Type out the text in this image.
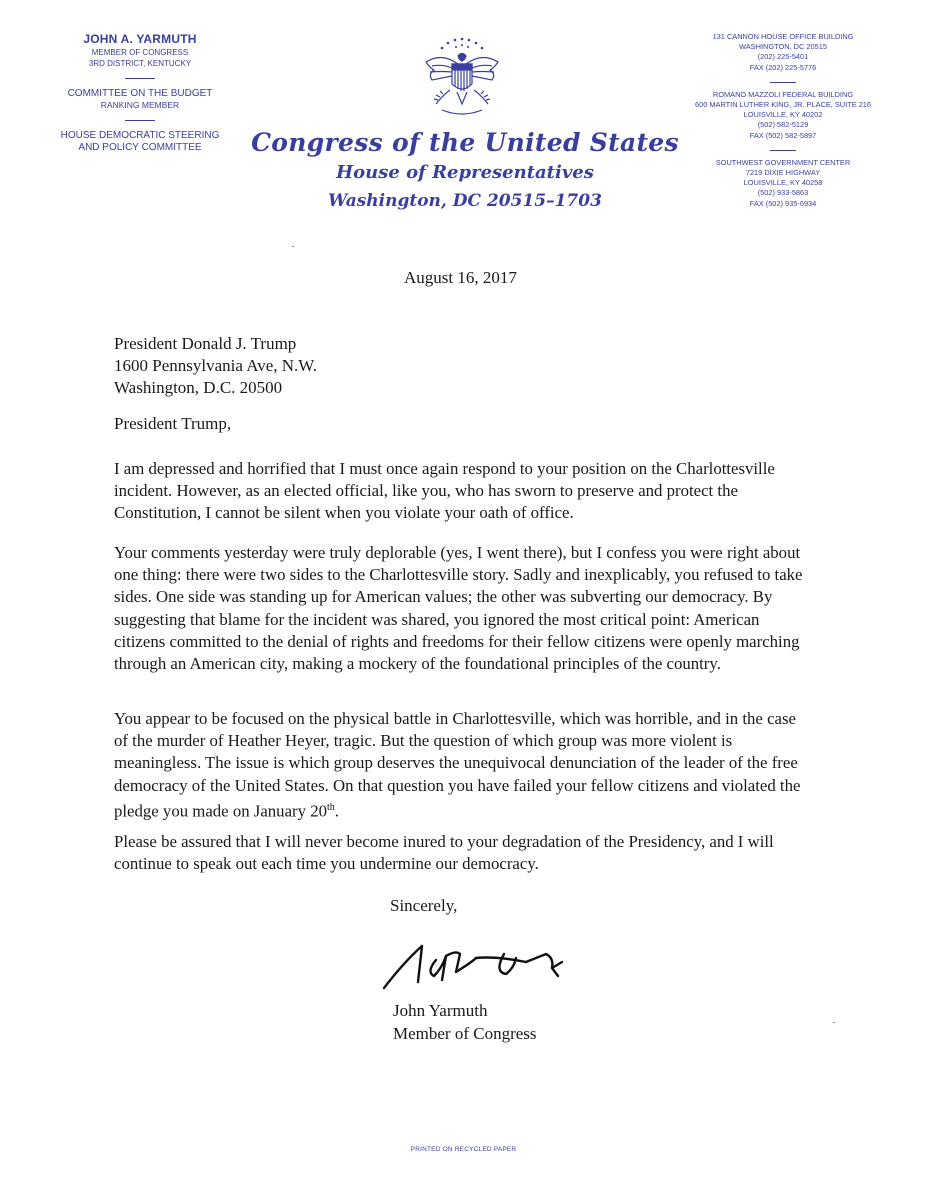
JOHN A. YARMUTH
MEMBER OF CONGRESS
3RD DISTRICT, KENTUCKY
COMMITTEE ON THE BUDGET
RANKING MEMBER
HOUSE DEMOCRATIC STEERING
AND POLICY COMMITTEE
131 CANNON HOUSE OFFICE BUILDING
WASHINGTON, DC 20515
(202) 225-5401
FAX (202) 225-5776
ROMANO MAZZOLI FEDERAL BUILDING
600 MARTIN LUTHER KING, JR. PLACE, SUITE 216
LOUISVILLE, KY 40202
(502) 582-5129
FAX (502) 582-5897
SOUTHWEST GOVERNMENT CENTER
7219 DIXIE HIGHWAY
LOUISVILLE, KY 40258
(502) 933-5863
FAX (502) 935-6934
Congress of the United States
House of Representatives
Washington, DC 20515–1703
August 16, 2017
President Donald J. Trump
1600 Pennsylvania Ave, N.W.
Washington, D.C. 20500
President Trump,
I am depressed and horrified that I must once again respond to your position on the Charlottesville incident. However, as an elected official, like you, who has sworn to preserve and protect the Constitution, I cannot be silent when you violate your oath of office.
Your comments yesterday were truly deplorable (yes, I went there), but I confess you were right about one thing: there were two sides to the Charlottesville story. Sadly and inexplicably, you refused to take sides. One side was standing up for American values; the other was subverting our democracy. By suggesting that blame for the incident was shared, you ignored the most critical point: American citizens committed to the denial of rights and freedoms for their fellow citizens were openly marching through an American city, making a mockery of the foundational principles of the country.
You appear to be focused on the physical battle in Charlottesville, which was horrible, and in the case of the murder of Heather Heyer, tragic. But the question of which group was more violent is meaningless. The issue is which group deserves the unequivocal denunciation of the leader of the free democracy of the United States. On that question you have failed your fellow citizens and violated the pledge you made on January 20th.
Please be assured that I will never become inured to your degradation of the Presidency, and I will continue to speak out each time you undermine our democracy.
Sincerely,
John Yarmuth
Member of Congress
PRINTED ON RECYCLED PAPER
